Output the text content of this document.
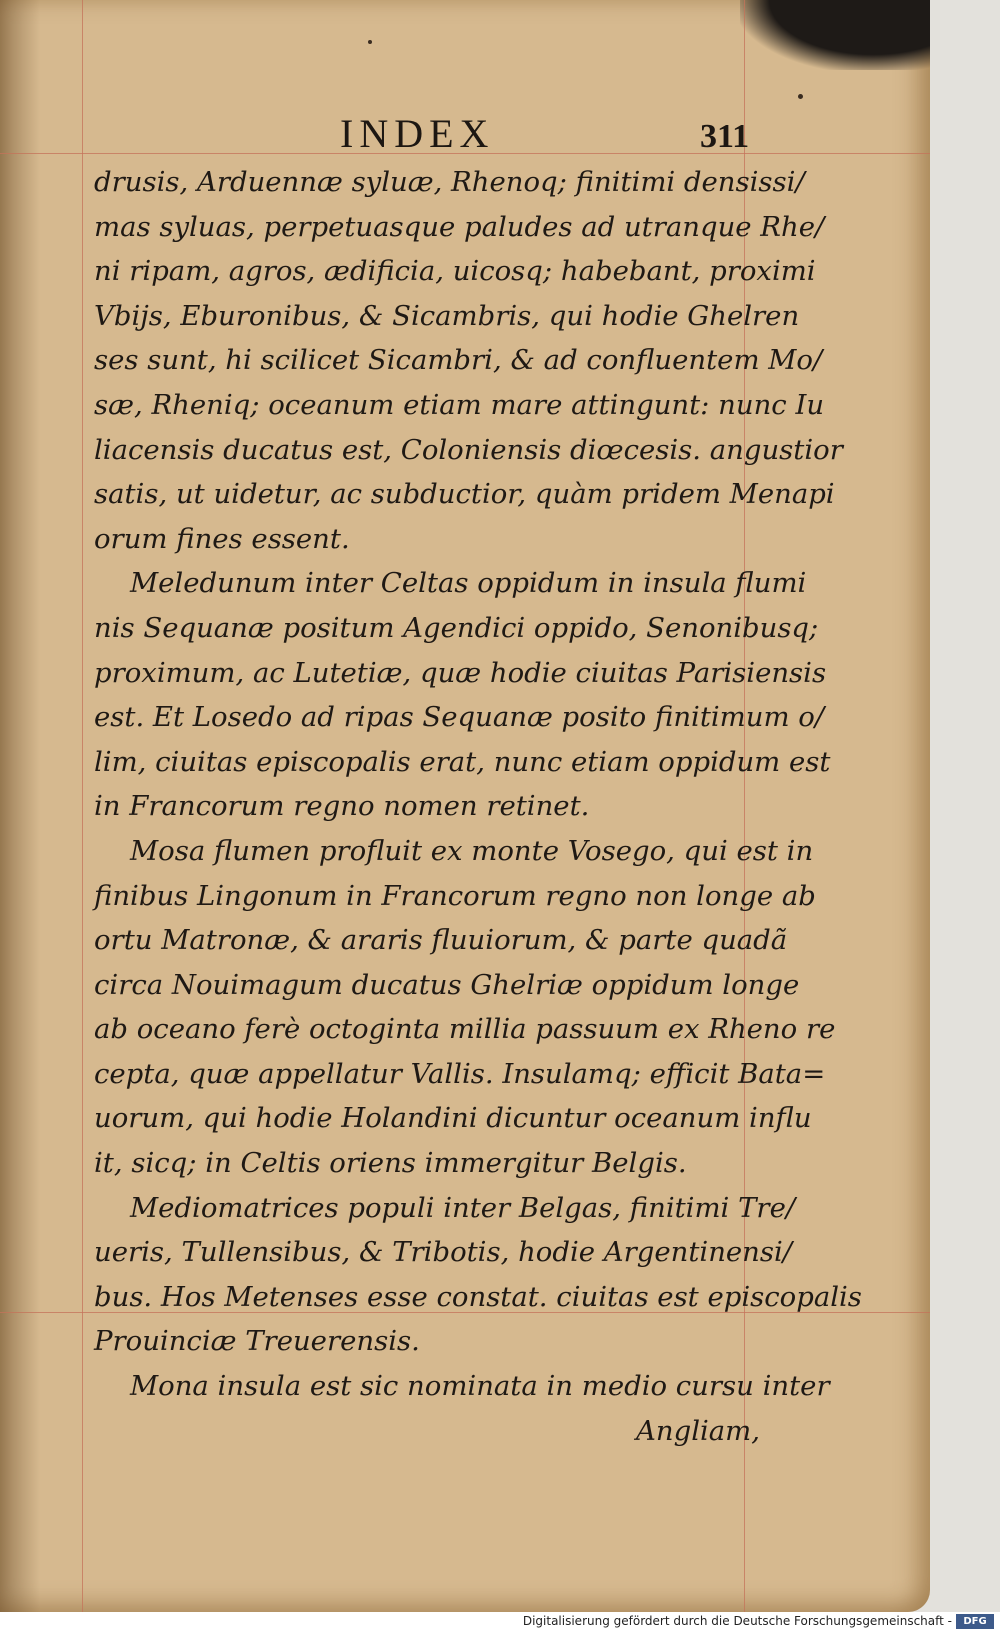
INDEX	311
drusis, Arduennæ syluæ, Rhenoq; finitimi densissi/
mas syluas, perpetuasque paludes ad utranque Rhe/
ni ripam, agros, ædificia, uicosq; habebant, proximi
Vbijs, Eburonibus, & Sicambris, qui hodie Ghelren
ses sunt, hi scilicet Sicambri, & ad confluentem Mo/
sæ, Rheniq; oceanum etiam mare attingunt: nunc Iu
liacensis ducatus est, Coloniensis diœcesis. angustior
satis, ut uidetur, ac subductior, quàm pridem Menapi
orum fines essent.
Meledunum inter Celtas oppidum in insula flumi
nis Sequanæ positum Agendici oppido, Senonibusq;
proximum, ac Lutetiæ, quæ hodie ciuitas Parisiensis
est. Et Losedo ad ripas Sequanæ posito finitimum o/
lim, ciuitas episcopalis erat, nunc etiam oppidum est
in Francorum regno nomen retinet.
Mosa flumen profluit ex monte Vosego, qui est in
finibus Lingonum in Francorum regno non longe ab
ortu Matronæ, & araris fluuiorum, & parte quadã
circa Nouimagum ducatus Ghelriæ oppidum longe
ab oceano ferè octoginta millia passuum ex Rheno re
cepta, quæ appellatur Vallis. Insulamq; efficit Bata=
uorum, qui hodie Holandini dicuntur oceanum influ
it, sicq; in Celtis oriens immergitur Belgis.
Mediomatrices populi inter Belgas, finitimi Tre/
ueris, Tullensibus, & Tribotis, hodie Argentinensi/
bus. Hos Metenses esse constat. ciuitas est episcopalis
Prouinciæ Treuerensis.
Mona insula est sic nominata in medio cursu inter
Angliam,
Digitalisierung gefördert durch die Deutsche Forschungsgemeinschaft -	DFG
